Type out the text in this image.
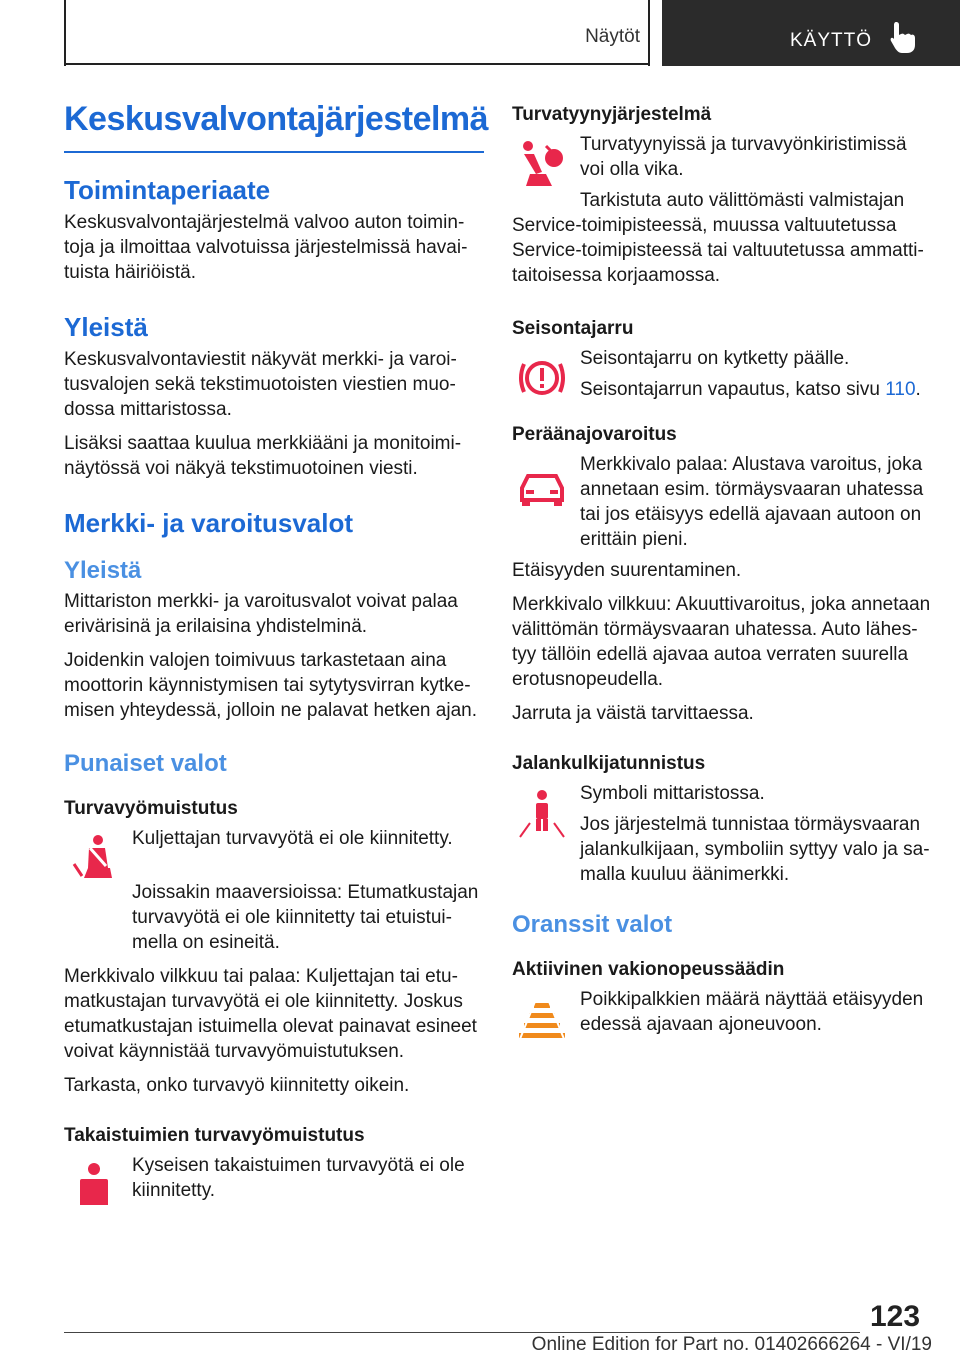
Näytöt	KÄYTTÖ
Keskusvalvontajärjestelmä
Toimintaperiaate

Keskusvalvontajärjestelmä valvoo auton toimintoja ja ilmoittaa valvotuissa järjestelmissä havaituista häiriöistä.

Yleistä

Keskusvalvontaviestit näkyvät merkki- ja varoitusvalojen sekä tekstimuotoisten viestien muodossa mittaristossa.

Lisäksi saattaa kuulua merkkiääni ja monitoiminäytössä voi näkyä tekstimuotoinen viesti.

Merkki- ja varoitusvalot
Yleistä

Mittariston merkki- ja varoitusvalot voivat palaa erivärisinä ja erilaisina yhdistelminä.

Joidenkin valojen toimivuus tarkastetaan aina moottorin käynnistymisen tai sytytysvirran kytkemisen yhteydessä, jolloin ne palavat hetken ajan.

Punaiset valot
Turvavyömuistutus

Kuljettajan turvavyötä ei ole kiinnitetty.

Joissakin maaversioissa: Etumatkustajan turvavyötä ei ole kiinnitetty tai etuistuimella on esineitä.

Merkkivalo vilkkuu tai palaa: Kuljettajan tai etumatkustajan turvavyötä ei ole kiinnitetty. Joskus etumatkustajan istuimella olevat painavat esineet voivat käynnistää turvavyömuistutuksen.

Tarkasta, onko turvavyö kiinnitetty oikein.

Takaistuimien turvavyömuistutus

Kyseisen takaistuimen turvavyötä ei ole kiinnitetty.

Turvatyynyjärjestelmä

Turvatyynyissä ja turvavyönkiristimissä voi olla vika.

Tarkistuta auto välittömästi valmistajan Service-toimipisteessä, muussa valtuutetussa Service-toimipisteessä tai valtuutetussa ammattitaitoisessa korjaamossa.

Seisontajarru

Seisontajarru on kytketty päälle.

Seisontajarrun vapautus, katso sivu 110.

Peräänajovaroitus

Merkkivalo palaa: Alustava varoitus, joka annetaan esim. törmäysvaaran uhatessa tai jos etäisyys edellä ajavaan autoon on erittäin pieni.

Etäisyyden suurentaminen.

Merkkivalo vilkkuu: Akuuttivaroitus, joka annetaan välittömän törmäysvaaran uhatessa. Auto lähestyy tällöin edellä ajavaa autoa verraten suurella erotusnopeudella.

Jarruta ja väistä tarvittaessa.

Jalankulkijatunnistus

Symboli mittaristossa.

Jos järjestelmä tunnistaa törmäysvaaran jalankulkijaan, symboliin syttyy valo ja samalla kuuluu äänimerkki.

Oranssit valot
Aktiivinen vakionopeussäädin

Poikkipalkkien määrä näyttää etäisyyden edessä ajavaan ajoneuvoon.

123
Online Edition for Part no. 01402666264 - VI/19
